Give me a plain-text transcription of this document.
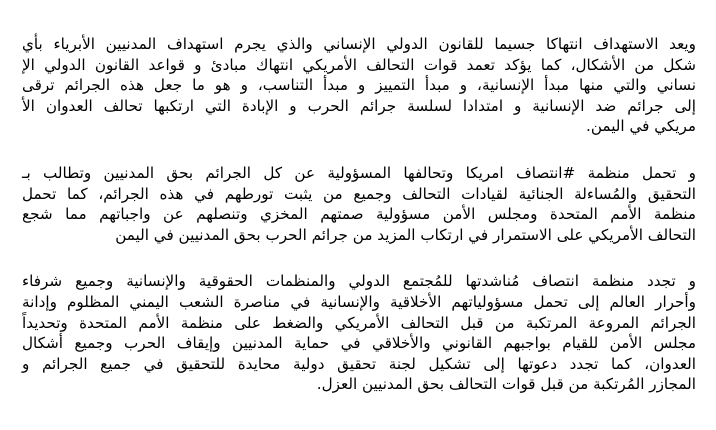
ويعد الاستهداف انتهاكا جسيما للقانون الدولي الإنساني والذي يجرم استهداف المدنيين الأبرياء بأي
شكل من الأشكال، كما يؤكد تعمد قوات التحالف الأمريكي انتهاك مبادئ و قواعد القانون الدولي الإ
نساني والتي منها مبدأ الإنسانية، و مبدأ التمييز و مبدأ التناسب، و هو ما جعل هذه الجرائم ترقى
إلى جرائم ضد الإنسانية و امتدادا لسلسة جرائم الحرب و الإبادة التي ارتكبها تحالف العدوان الأ
مريكي في اليمن.

و تحمل منظمة #انتصاف امريكا وتحالفها المسؤولية عن كل الجرائم بحق المدنيين وتطالب بـ
التحقيق والمُساءلة الجنائية لقيادات التحالف وجميع من يثبت تورطهم في هذه الجرائم، كما تحمل
منظمة الأمم المتحدة ومجلس الأمن مسؤولية صمتهم المخزي وتنصلهم عن واجباتهم مما شجع
التحالف الأمريكي على الاستمرار في ارتكاب المزيد من جرائم الحرب بحق المدنيين في اليمن

و تجدد منظمة انتصاف مُناشدتها للمُجتمع الدولي والمنظمات الحقوقية والإنسانية وجميع شرفاء
وأحرار العالم إلى تحمل مسؤولياتهم الأخلاقية والإنسانية في مناصرة الشعب اليمني المظلوم وإدانة
الجرائم المروعة المرتكبة من قبل التحالف الأمريكي والضغط على منظمة الأمم المتحدة وتحديداً
مجلس الأمن للقيام بواجبهم القانوني والأخلاقي في حماية المدنيين وإيقاف الحرب وجميع أشكال
العدوان، كما تجدد دعوتها إلى تشكيل لجنة تحقيق دولية محايدة للتحقيق في جميع الجرائم و
المجازر المُرتكبة من قبل قوات التحالف بحق المدنيين العزل.
